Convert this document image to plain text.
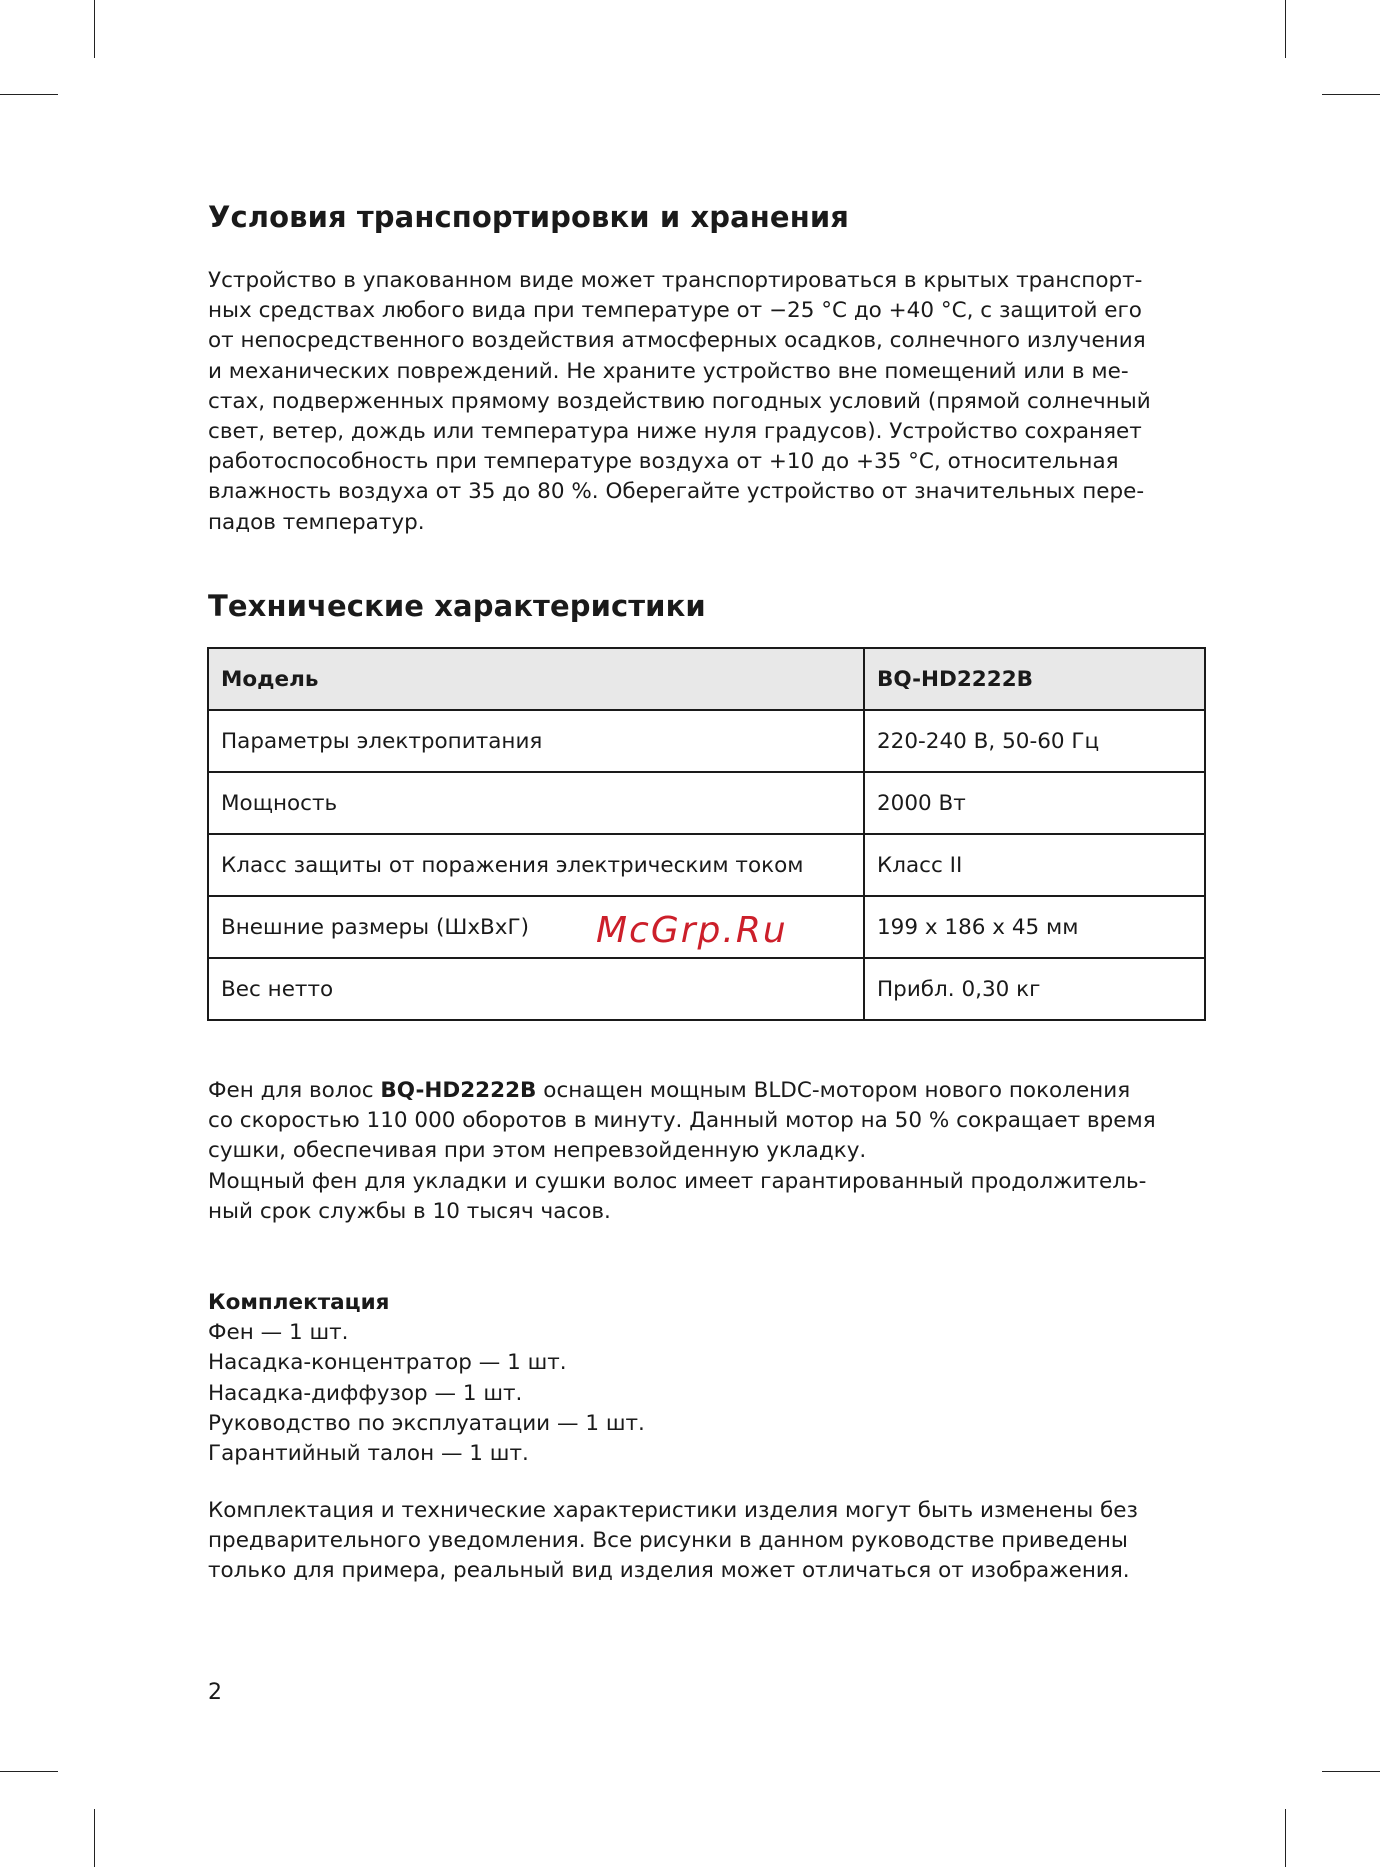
Условия транспортировки и хранения

Устройство в упакованном виде может транспортироваться в крытых транспорт-
ных средствах любого вида при температуре от −25 °С до +40 °С, с защитой его
от непосредственного воздействия атмосферных осадков, солнечного излучения
и механических повреждений. Не храните устройство вне помещений или в ме-
стах, подверженных прямому воздействию погодных условий (прямой солнечный
свет, ветер, дождь или температура ниже нуля градусов). Устройство сохраняет
работоспособность при температуре воздуха от +10 до +35 °С, относительная
влажность воздуха от 35 до 80 %. Оберегайте устройство от значительных пере-
падов температур.

Технические характеристики
Модель	BQ-HD2222B
Параметры электропитания	220-240 В, 50-60 Гц
Мощность	2000 Вт
Класс защиты от поражения электрическим током	Класс II
Внешние размеры (ШхВхГ)	199 х 186 х 45 мм
Вес нетто	Прибл. 0,30 кг
McGrp.Ru

Фен для волос BQ-HD2222B оснащен мощным BLDC-мотором нового поколения
со скоростью 110 000 оборотов в минуту. Данный мотор на 50 % сокращает время
сушки, обеспечивая при этом непревзойденную укладку.
Мощный фен для укладки и сушки волос имеет гарантированный продолжитель-
ный срок службы в 10 тысяч часов.

Комплектация
Фен — 1 шт.
Насадка-концентратор — 1 шт.
Насадка-диффузор — 1 шт.
Руководство по эксплуатации — 1 шт.
Гарантийный талон — 1 шт.

Комплектация и технические характеристики изделия могут быть изменены без
предварительного уведомления. Все рисунки в данном руководстве приведены
только для примера, реальный вид изделия может отличаться от изображения.

2
